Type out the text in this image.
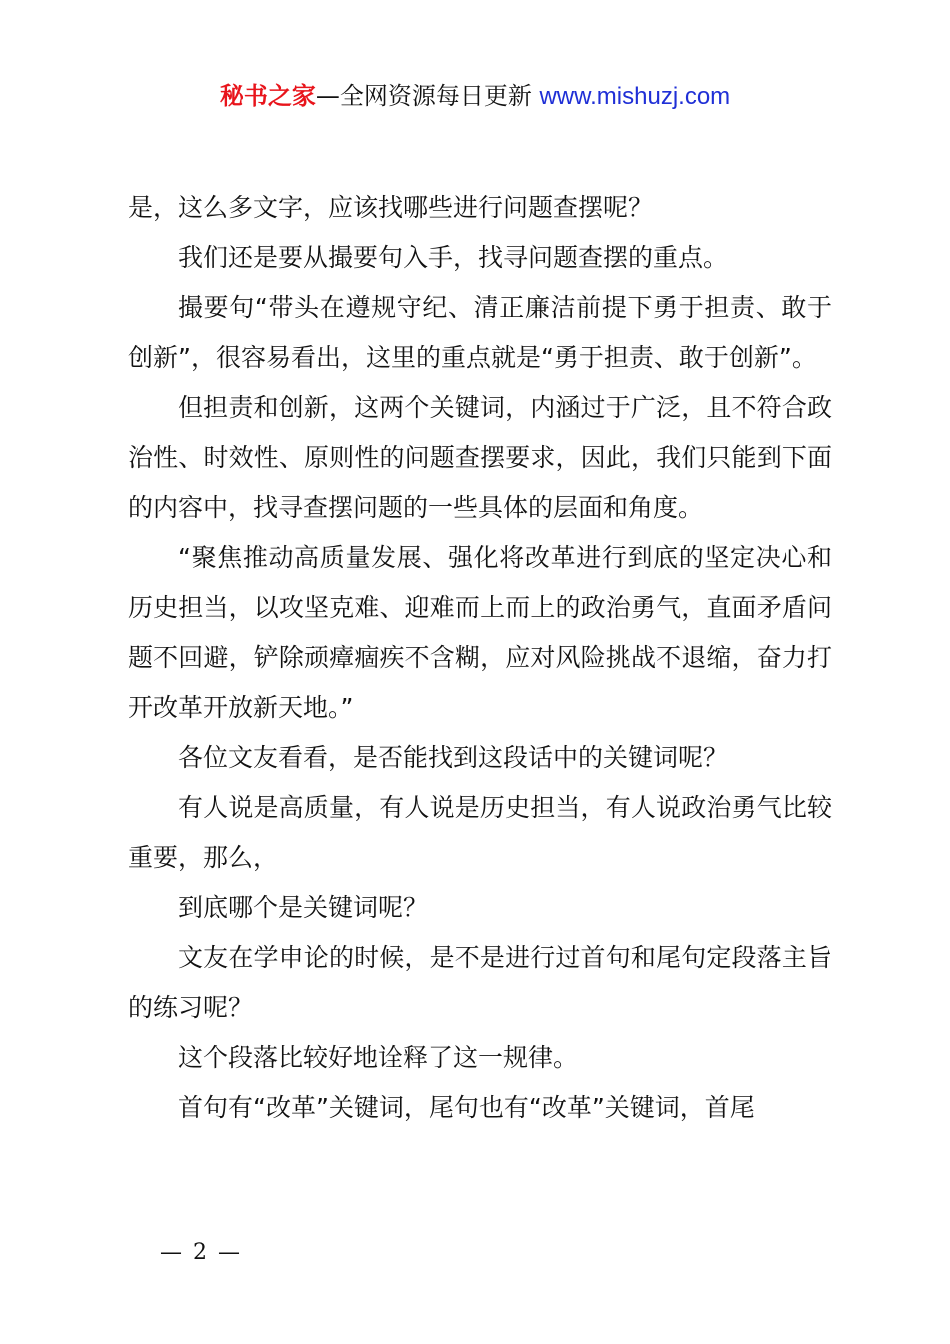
秘书之家—全网资源每日更新 www.mishuzj.com

是，这么多文字，应该找哪些进行问题查摆呢？

我们还是要从撮要句入手，找寻问题查摆的重点。

撮要句“带头在遵规守纪、清正廉洁前提下勇于担责、敢于创新”，很容易看出，这里的重点就是“勇于担责、敢于创新”。

但担责和创新，这两个关键词，内涵过于广泛，且不符合政治性、时效性、原则性的问题查摆要求，因此，我们只能到下面的内容中，找寻查摆问题的一些具体的层面和角度。

“聚焦推动高质量发展、强化将改革进行到底的坚定决心和历史担当，以攻坚克难、迎难而上而上的政治勇气，直面矛盾问题不回避，铲除顽瘴痼疾不含糊，应对风险挑战不退缩，奋力打开改革开放新天地。”

各位文友看看，是否能找到这段话中的关键词呢？

有人说是高质量，有人说是历史担当，有人说政治勇气比较重要，那么，

到底哪个是关键词呢？

文友在学申论的时候，是不是进行过首句和尾句定段落主旨的练习呢？

这个段落比较好地诠释了这一规律。

首句有“改革”关键词，尾句也有“改革”关键词，首尾

— 2 —
